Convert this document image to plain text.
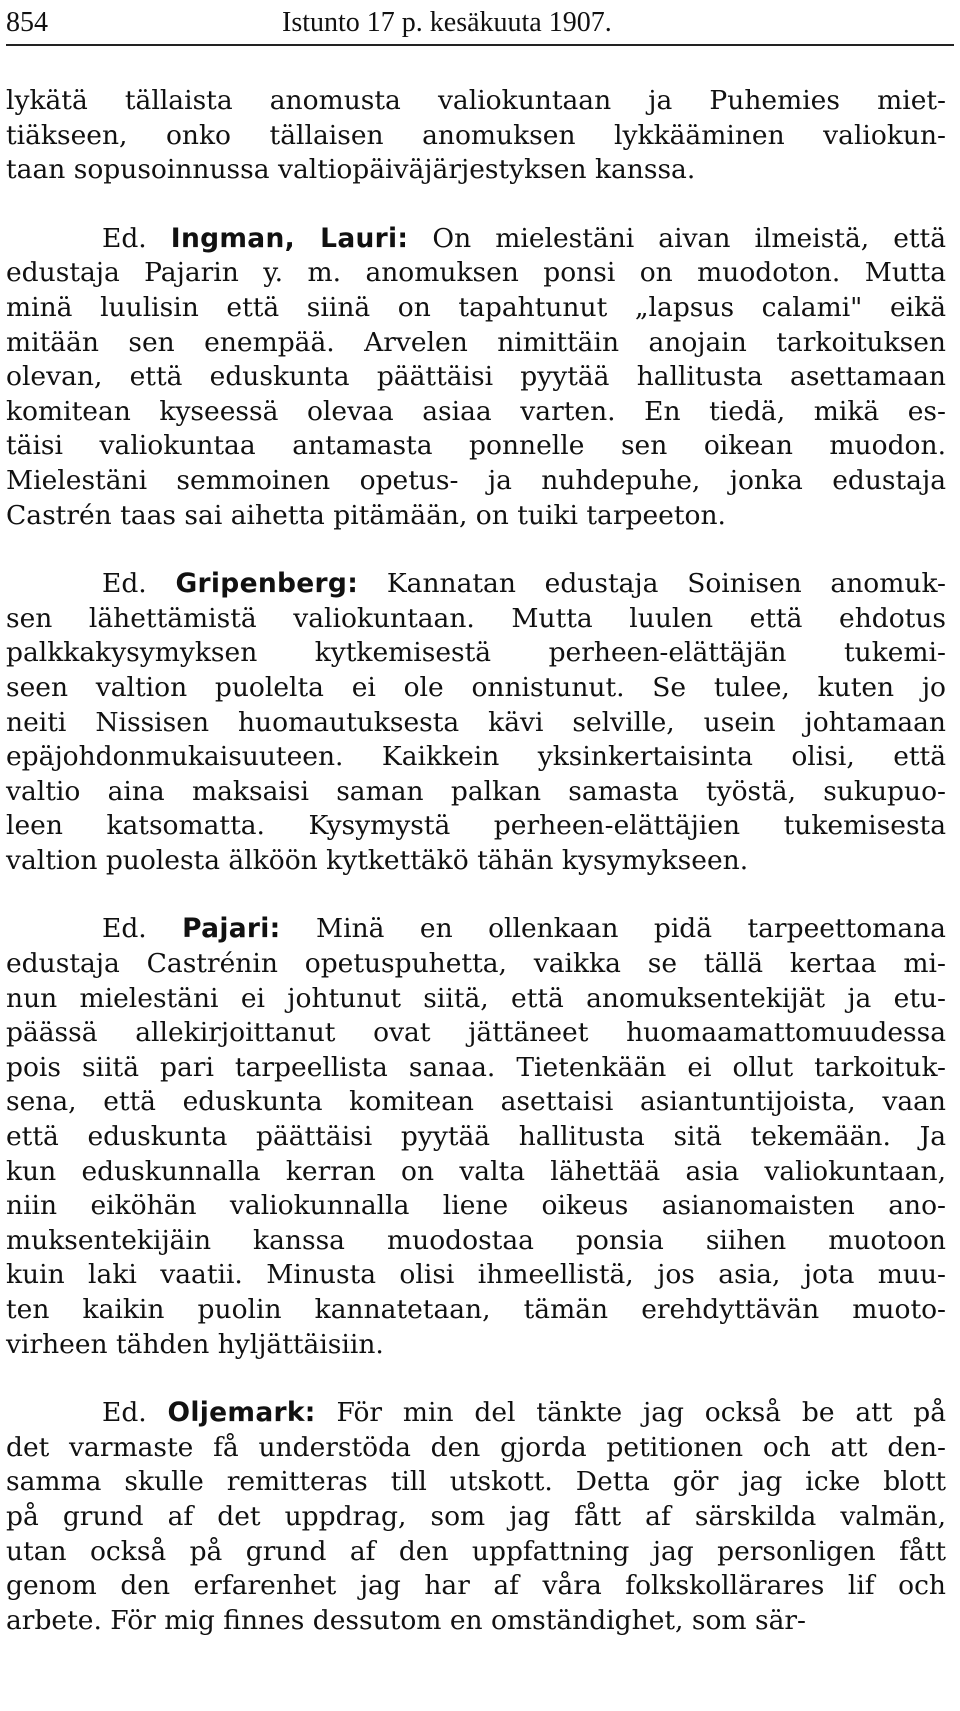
854	Istunto 17 p. kesäkuuta 1907.
lykätä tällaista anomusta valiokuntaan ja Puhemies miet-
tiäkseen, onko tällaisen anomuksen lykkääminen valiokun-
taan sopusoinnussa valtiopäiväjärjestyksen kanssa.
Ed. Ingman, Lauri: On mielestäni aivan ilmeistä, että
edustaja Pajarin y. m. anomuksen ponsi on muodoton. Mutta
minä luulisin että siinä on tapahtunut „lapsus calami" eikä
mitään sen enempää. Arvelen nimittäin anojain tarkoituksen
olevan, että eduskunta päättäisi pyytää hallitusta asettamaan
komitean kyseessä olevaa asiaa varten. En tiedä, mikä es-
täisi valiokuntaa antamasta ponnelle sen oikean muodon.
Mielestäni semmoinen opetus- ja nuhdepuhe, jonka edustaja
Castrén taas sai aihetta pitämään, on tuiki tarpeeton.
Ed. Gripenberg: Kannatan edustaja Soinisen anomuk-
sen lähettämistä valiokuntaan. Mutta luulen että ehdotus
palkkakysymyksen kytkemisestä perheen-elättäjän tukemi-
seen valtion puolelta ei ole onnistunut. Se tulee, kuten jo
neiti Nissisen huomautuksesta kävi selville, usein johtamaan
epäjohdonmukaisuuteen. Kaikkein yksinkertaisinta olisi, että
valtio aina maksaisi saman palkan samasta työstä, sukupuo-
leen katsomatta. Kysymystä perheen-elättäjien tukemisesta
valtion puolesta älköön kytkettäkö tähän kysymykseen.
Ed. Pajari: Minä en ollenkaan pidä tarpeettomana
edustaja Castrénin opetuspuhetta, vaikka se tällä kertaa mi-
nun mielestäni ei johtunut siitä, että anomuksentekijät ja etu-
päässä allekirjoittanut ovat jättäneet huomaamattomuudessa
pois siitä pari tarpeellista sanaa. Tietenkään ei ollut tarkoituk-
sena, että eduskunta komitean asettaisi asiantuntijoista, vaan
että eduskunta päättäisi pyytää hallitusta sitä tekemään. Ja
kun eduskunnalla kerran on valta lähettää asia valiokuntaan,
niin eiköhän valiokunnalla liene oikeus asianomaisten ano-
muksentekijäin kanssa muodostaa ponsia siihen muotoon
kuin laki vaatii. Minusta olisi ihmeellistä, jos asia, jota muu-
ten kaikin puolin kannatetaan, tämän erehdyttävän muoto-
virheen tähden hyljättäisiin.
Ed. Oljemark: För min del tänkte jag också be att på
det varmaste få understöda den gjorda petitionen och att den-
samma skulle remitteras till utskott. Detta gör jag icke blott
på grund af det uppdrag, som jag fått af särskilda valmän,
utan också på grund af den uppfattning jag personligen fått
genom den erfarenhet jag har af våra folkskollärares lif och
arbete. För mig finnes dessutom en omständighet, som sär-
